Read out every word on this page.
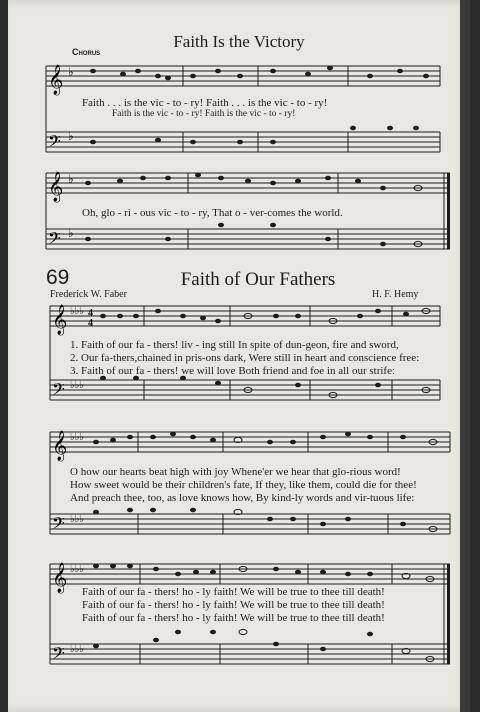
Faith Is the Victory
Chorus
𝄞
𝄢
♭
♭
Faith . . . is the vic - to - ry! Faith . . . is the vic - to - ry!
Faith is the vic - to - ry! Faith is the vic - to - ry!
𝄞
𝄢
♭
♭
Oh, glo - ri - ous vic - to - ry, That o - ver-comes the world.
69	Faith of Our Fathers
Frederick W. Faber	H. F. Hemy
𝄞
𝄢
♭♭♭
♭♭♭
4
4
1. Faith of our fa - thers! liv - ing still In spite of dun-geon, fire and sword,
2. Our fa-thers,chained in pris-ons dark, Were still in heart and conscience free:
3. Faith of our fa - thers! we will love Both friend and foe in all our strife:
𝄞
𝄢
♭♭♭
♭♭♭
O how our hearts beat high with joy Whene'er we hear that glo-rious word!
How sweet would be their children's fate, If they, like them, could die for thee!
And preach thee, too, as love knows how, By kind-ly words and vir-tuous life:
𝄞
𝄢
♭♭♭
♭♭♭
Faith of our fa - thers! ho - ly faith! We will be true to thee till death!
Faith of our fa - thers! ho - ly faith! We will be true to thee till death!
Faith of our fa - thers! ho - ly faith! We will be true to thee till death!
